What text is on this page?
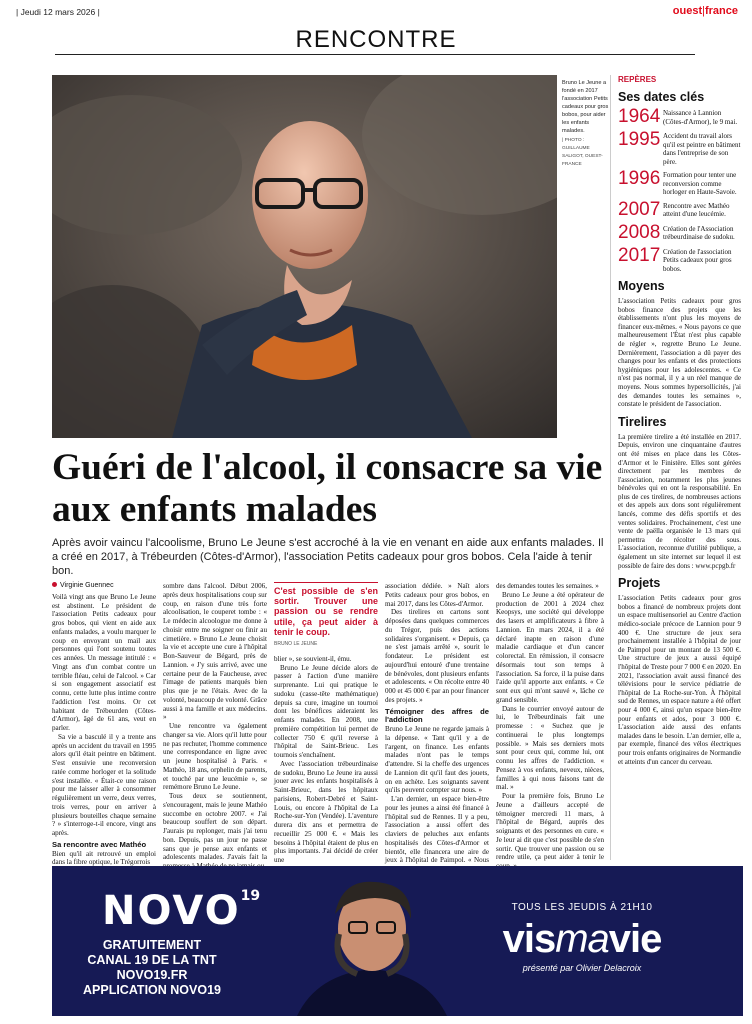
| Jeudi 12 mars 2026 |	ouest|france
RENCONTRE
Bruno Le Jeune a fondé en 2017 l'association Petits cadeaux pour gros bobos, pour aider les enfants malades.
| PHOTO : GUILLAUME SALIGOT, OUEST-FRANCE
REPÈRES
Ses dates clés
1964 Naissance à Lannion (Côtes-d'Armor), le 9 mai.
1995 Accident du travail alors qu'il est peintre en bâtiment dans l'entreprise de son père.
1996 Formation pour tenter une reconversion comme horloger en Haute-Savoie.
2007 Rencontre avec Mathéo atteint d'une leucémie.
2008 Création de l'Association trébeurdinaise de sudoku.
2017 Création de l'association Petits cadeaux pour gros bobos.
Moyens

L'association Petits cadeaux pour gros bobos finance des projets que les établissements n'ont plus les moyens de financer eux-mêmes. « Nous payons ce que malheureusement l'État n'est plus capable de régler », regrette Bruno Le Jeune. Dernièrement, l'association a dû payer des changes pour les enfants et des protections hygiéniques pour les adolescentes. « Ce n'est pas normal, il y a un réel manque de moyens. Nous sommes hypersollicités, j'ai des demandes toutes les semaines », constate le président de l'association.

Tirelires

La première tirelire a été installée en 2017. Depuis, environ une cinquantaine d'autres ont été mises en place dans les Côtes-d'Armor et le Finistère. Elles sont gérées directement par les membres de l'association, notamment les plus jeunes bénévoles qui en ont la responsabilité. En plus de ces tirelires, de nombreuses actions et des appels aux dons sont régulièrement lancés, comme des défis sportifs et des ventes solidaires. Prochainement, c'est une vente de paëlla organisée le 13 mars qui permettra de récolter des sous. L'association, reconnue d'utilité publique, a également un site internet sur lequel il est possible de faire des dons : www.pcpgb.fr

Projets

L'association Petits cadeaux pour gros bobos a financé de nombreux projets dont un espace multisensoriel au Centre d'action médico-sociale précoce de Lannion pour 9 400 €. Une structure de jeux sera prochainement installée à l'hôpital de jour de Paimpol pour un montant de 13 500 €. Une structure de jeux a aussi équipé l'hôpital de Treste pour 7 000 € en 2020. En 2021, l'association avait aussi financé des télévisions pour le service pédiatrie de l'hôpital de La Roche-sur-Yon. À l'hôpital sud de Rennes, un espace nature a été offert pour 4 000 €, ainsi qu'un espace bien-être pour enfants et ados, pour 3 000 €. L'association aide aussi des enfants malades dans le besoin. L'an dernier, elle a, par exemple, financé des vélos électriques pour trois enfants originaires de Normandie et atteints d'un cancer du cerveau.

Guéri de l'alcool, il consacre sa vie aux enfants malades

Après avoir vaincu l'alcoolisme, Bruno Le Jeune s'est accroché à la vie en venant en aide aux enfants malades. Il a créé en 2017, à Trébeurden (Côtes-d'Armor), l'association Petits cadeaux pour gros bobos. Cela l'aide à tenir bon.

Virginie Guennec

Voilà vingt ans que Bruno Le Jeune est abstinent. Le président de l'association Petits cadeaux pour gros bobos, qui vient en aide aux enfants malades, a voulu marquer le coup en envoyant un mail aux personnes qui l'ont soutenu toutes ces années. Un message intitulé : « Vingt ans d'un combat contre un terrible fléau, celui de l'alcool. » Car si son engagement associatif est connu, cette lutte plus intime contre l'addiction l'est moins. Or cet habitant de Trébeurden (Côtes-d'Armor), âgé de 61 ans, veut en parler.

Sa vie a basculé il y a trente ans après un accident du travail en 1995 alors qu'il était peintre en bâtiment. S'est ensuivie une reconversion ratée comme horloger et la solitude s'est installée. « Était-ce une raison pour me laisser aller à consommer régulièrement un verre, deux verres, trois verres, pour en arriver à plusieurs bouteilles chaque semaine ? » s'interroge-t-il encore, vingt ans après.

Sa rencontre avec Mathéo

Bien qu'il ait retrouvé un emploi dans la fibre optique, le Trégorrois

sombre dans l'alcool. Début 2006, après deux hospitalisations coup sur coup, en raison d'une très forte alcoolisation, le couperet tombe : « Le médecin alcoologue me donne à choisir entre me soigner ou finir au cimetière. » Bruno Le Jeune choisit la vie et accepte une cure à l'hôpital Bon-Sauveur de Bégard, près de Lannion. « J'y suis arrivé, avec une certaine peur de la Faucheuse, avec l'image de patients marqués bien plus que je ne l'étais. Avec de la volonté, beaucoup de volonté. Grâce aussi à ma famille et aux médecins. »

Une rencontre va également changer sa vie. Alors qu'il lutte pour ne pas rechuter, l'homme commence une correspondance en ligne avec un jeune hospitalisé à Paris. « Mathéo, 18 ans, orphelin de parents, et touché par une leucémie », se remémore Bruno Le Jeune.

Tous deux se soutiennent, s'encouragent, mais le jeune Mathéo succombe en octobre 2007. « J'ai beaucoup souffert de son départ. J'aurais pu replonger, mais j'ai tenu bon. Depuis, pas un jour ne passe sans que je pense aux enfants et adolescents malades. J'avais fait la

C'est possible de s'en sortir. Trouver une passion ou se rendre utile, ça peut aider à tenir le coup.
BRUNO LE JEUNE

blier », se souvient-il, ému.

Bruno Le Jeune décide alors de passer à l'action d'une manière surprenante. Lui qui pratique le sudoku (casse-tête mathématique) depuis sa cure, imagine un tournoi dont les bénéfices aideraient les enfants malades. En 2008, une première compétition lui permet de collecter 750 € qu'il reverse à l'hôpital de Saint-Brieuc. Les tournois s'enchaînent.

Avec l'association trébeurdinaise de sudoku, Bruno Le Jeune ira aussi jouer avec les enfants hospitalisés à Saint-Brieuc, dans les hôpitaux parisiens, Robert-Debré et Saint-Louis, ou encore à l'hôpital de La Roche-sur-Yon (Vendée). L'aventure durera dix ans et permettra de recueillir 25 000 €. « Mais les besoins à l'hôpital étaient de plus en plus importants. J'ai décidé de créer une

association dédiée. » Naît alors Petits cadeaux pour gros bobos, en mai 2017, dans les Côtes-d'Armor.

Des tirelires en cartons sont déposées dans quelques commerces du Trégor, puis des actions solidaires s'organisent. « Depuis, ça ne s'est jamais arrêté », sourit le fondateur. Le président est aujourd'hui entouré d'une trentaine de bénévoles, dont plusieurs enfants et adolescents. « On récolte entre 40 000 et 45 000 € par an pour financer des projets. »

Témoigner des affres de l'addiction

Bruno Le Jeune ne regarde jamais à la dépense. « Tant qu'il y a de l'argent, on finance. Les enfants malades n'ont pas le temps d'attendre. Si la cheffe des urgences de Lannion dit qu'il faut des jouets, on en achète. Les soignants savent qu'ils peuvent compter sur nous. »

L'an dernier, un espace bien-être pour les jeunes a ainsi été financé à l'hôpital sud de Rennes. Il y a peu, l'association a aussi offert des claviers de peluches aux enfants hospitalisés des Côtes-d'Armor et bientôt, elle financera une aire de jeux à l'hôpital de Paimpol. « Nous

des demandes toutes les semaines. »

Bruno Le Jeune a été opérateur de production de 2001 à 2024 chez Keopsys, une société qui développe des lasers et amplificateurs à fibre à Lannion. En mars 2024, il a été déclaré inapte en raison d'une maladie cardiaque et d'un cancer colorectal. En rémission, il consacre désormais tout son temps à l'association. Sa force, il la puise dans l'aide qu'il apporte aux enfants. « Ce sont eux qui m'ont sauvé », lâche ce grand sensible.

Dans le courrier envoyé autour de lui, le Trébeurdinais fait une promesse : « Suchez que je continuerai le plus longtemps possible. » Mais ses derniers mots sont pour ceux qui, comme lui, ont connu les affres de l'addiction. « Pensez à vos enfants, neveux, nièces, familles à qui nous faisons tant de mal. »

Pour la première fois, Bruno Le Jeune a d'ailleurs accepté de témoigner mercredi 11 mars, à l'hôpital de Bégard, auprès des soignants et des personnes en cure. « Je leur ai dit que c'est possible de s'en sortir. Que trouver une passion ou se rendre utile, ça peut aider à tenir le

NOVO$^{19}$
GRATUITEMENT
CANAL 19 DE LA TNT
NOVO19.FR
APPLICATION NOVO19
TOUS LES JEUDIS À 21H10
vismavie
présenté par Olivier Delacroix
